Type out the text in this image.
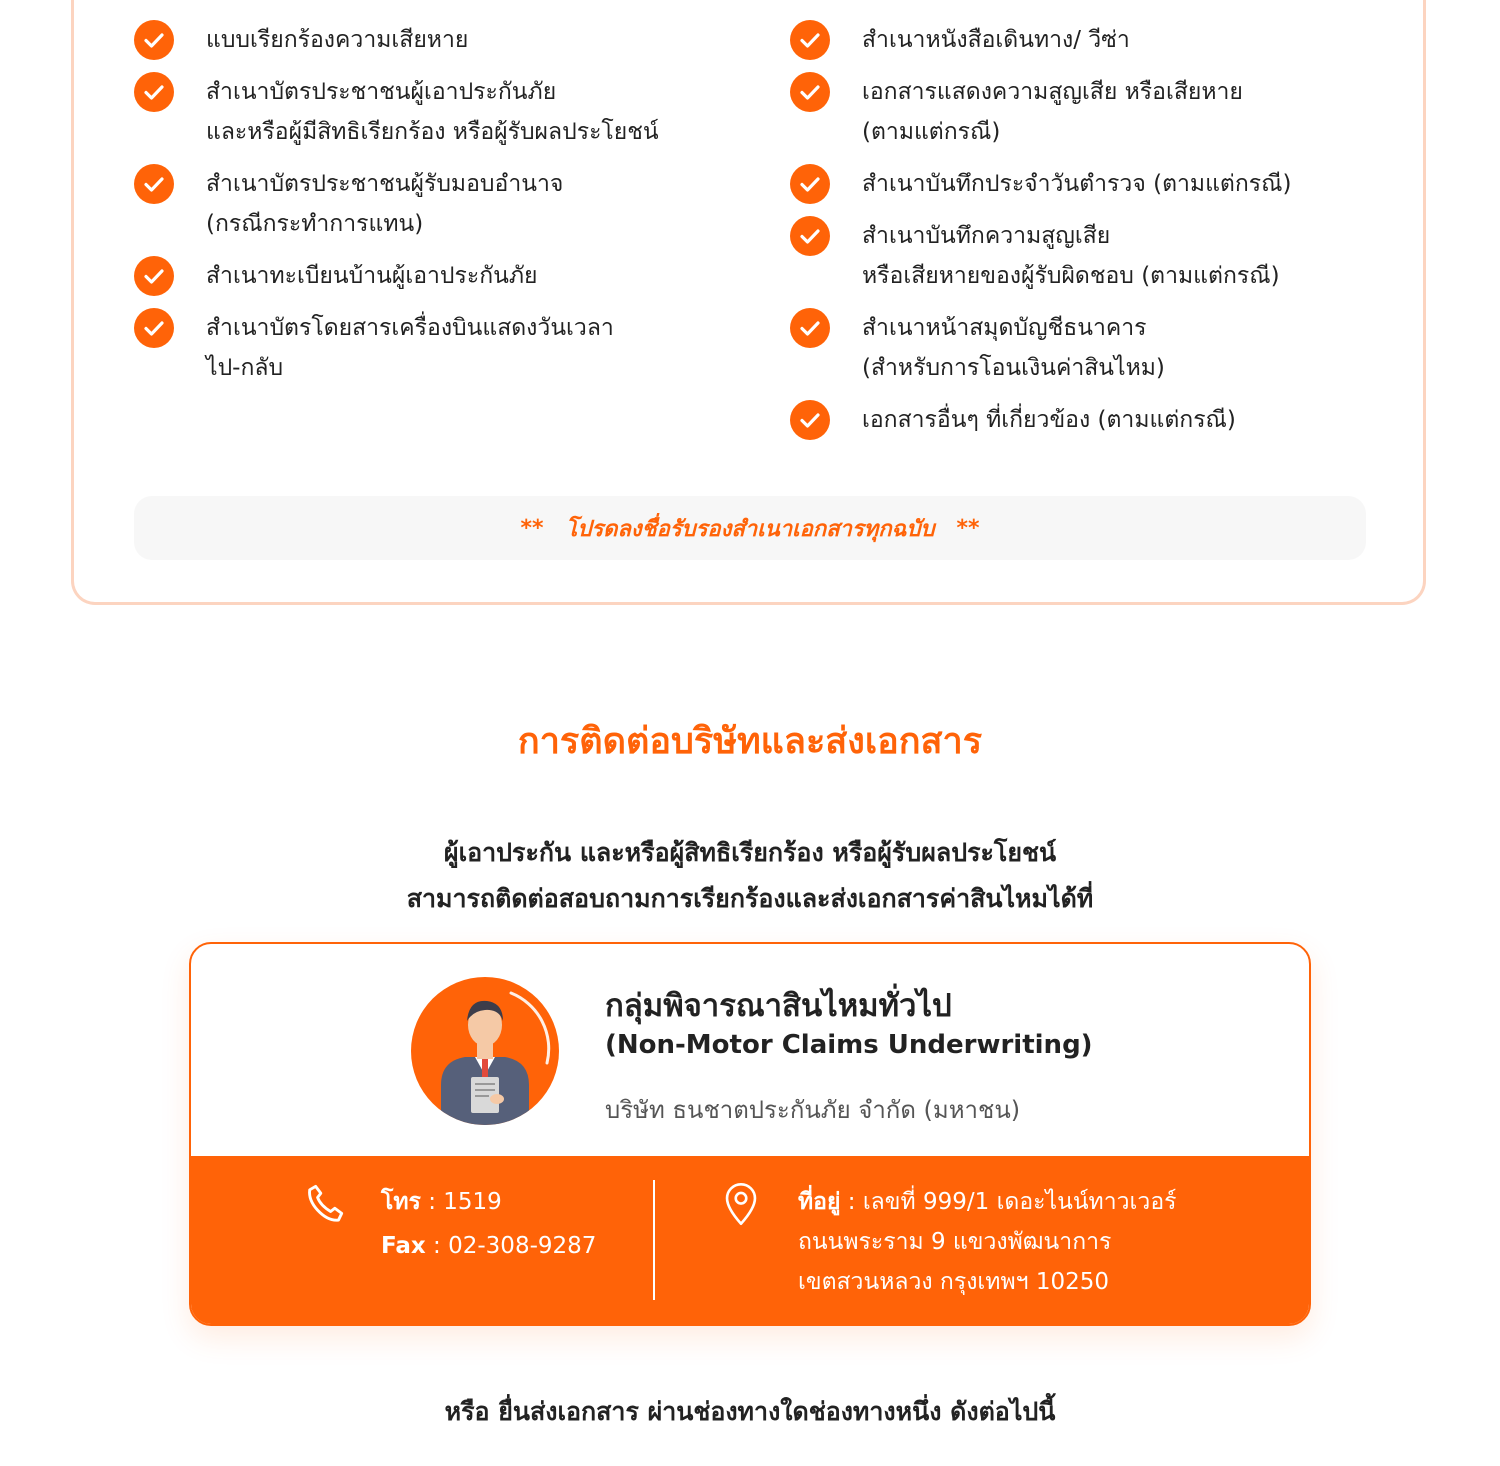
แบบเรียกร้องความเสียหาย
สำเนาบัตรประชาชนผู้เอาประกันภัย
และหรือผู้มีสิทธิเรียกร้อง หรือผู้รับผลประโยชน์
สำเนาบัตรประชาชนผู้รับมอบอำนาจ
(กรณีกระทำการแทน)
สำเนาทะเบียนบ้านผู้เอาประกันภัย
สำเนาบัตรโดยสารเครื่องบินแสดงวันเวลา
ไป-กลับ
สำเนาหนังสือเดินทาง/ วีซ่า
เอกสารแสดงความสูญเสีย หรือเสียหาย
(ตามแต่กรณี)
สำเนาบันทึกประจำวันตำรวจ (ตามแต่กรณี)
สำเนาบันทึกความสูญเสีย
หรือเสียหายของผู้รับผิดชอบ (ตามแต่กรณี)
สำเนาหน้าสมุดบัญชีธนาคาร
(สำหรับการโอนเงินค่าสินไหม)
เอกสารอื่นๆ ที่เกี่ยวข้อง (ตามแต่กรณี)
** โปรดลงชื่อรับรองสำเนาเอกสารทุกฉบับ **
การติดต่อบริษัทและส่งเอกสาร
ผู้เอาประกัน และหรือผู้สิทธิเรียกร้อง หรือผู้รับผลประโยชน์
สามารถติดต่อสอบถามการเรียกร้องและส่งเอกสารค่าสินไหมได้ที่
กลุ่มพิจารณาสินไหมทั่วไป
(Non-Motor Claims Underwriting)
บริษัท ธนชาตประกันภัย จำกัด (มหาชน)
โทร : 1519
Fax : 02-308-9287
ที่อยู่ : เลขที่ 999/1 เดอะไนน์ทาวเวอร์
ถนนพระราม 9 แขวงพัฒนาการ
เขตสวนหลวง กรุงเทพฯ 10250
หรือ ยื่นส่งเอกสาร ผ่านช่องทางใดช่องทางหนึ่ง ดังต่อไปนี้
